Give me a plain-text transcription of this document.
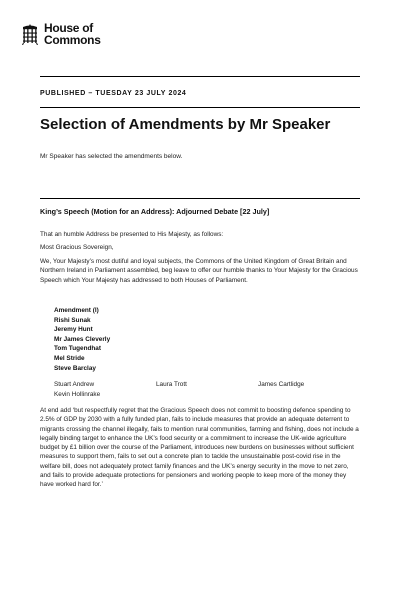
House of
Commons
PUBLISHED – TUESDAY 23 JULY 2024
Selection of Amendments by Mr Speaker
Mr Speaker has selected the amendments below.
King’s Speech (Motion for an Address): Adjourned Debate [22 July]

That an humble Address be presented to His Majesty, as follows:

Most Gracious Sovereign,

We, Your Majesty’s most dutiful and loyal subjects, the Commons of the United Kingdom of Great Britain and Northern Ireland in Parliament assembled, beg leave to offer our humble thanks to Your Majesty for the Gracious Speech which Your Majesty has addressed to both Houses of Parliament.

Amendment (l)
Rishi Sunak
Jeremy Hunt
Mr James Cleverly
Tom Tugendhat
Mel Stride
Steve Barclay
Stuart Andrew	Laura Trott	James Cartlidge
Kevin Hollinrake

At end add ‘but respectfully regret that the Gracious Speech does not commit to boosting defence spending to 2.5% of GDP by 2030 with a fully funded plan, fails to include measures that provide an adequate deterrent to migrants crossing the channel illegally, fails to mention rural communities, farming and fishing, does not include a legally binding target to enhance the UK’s food security or a commitment to increase the UK-wide agriculture budget by £1 billion over the course of the Parliament, introduces new burdens on businesses without sufficient measures to support them, fails to set out a concrete plan to tackle the unsustainable post-covid rise in the welfare bill, does not adequately protect family finances and the UK’s energy security in the move to net zero, and fails to provide adequate protections for pensioners and working people to keep more of the money they have worked hard for.’
